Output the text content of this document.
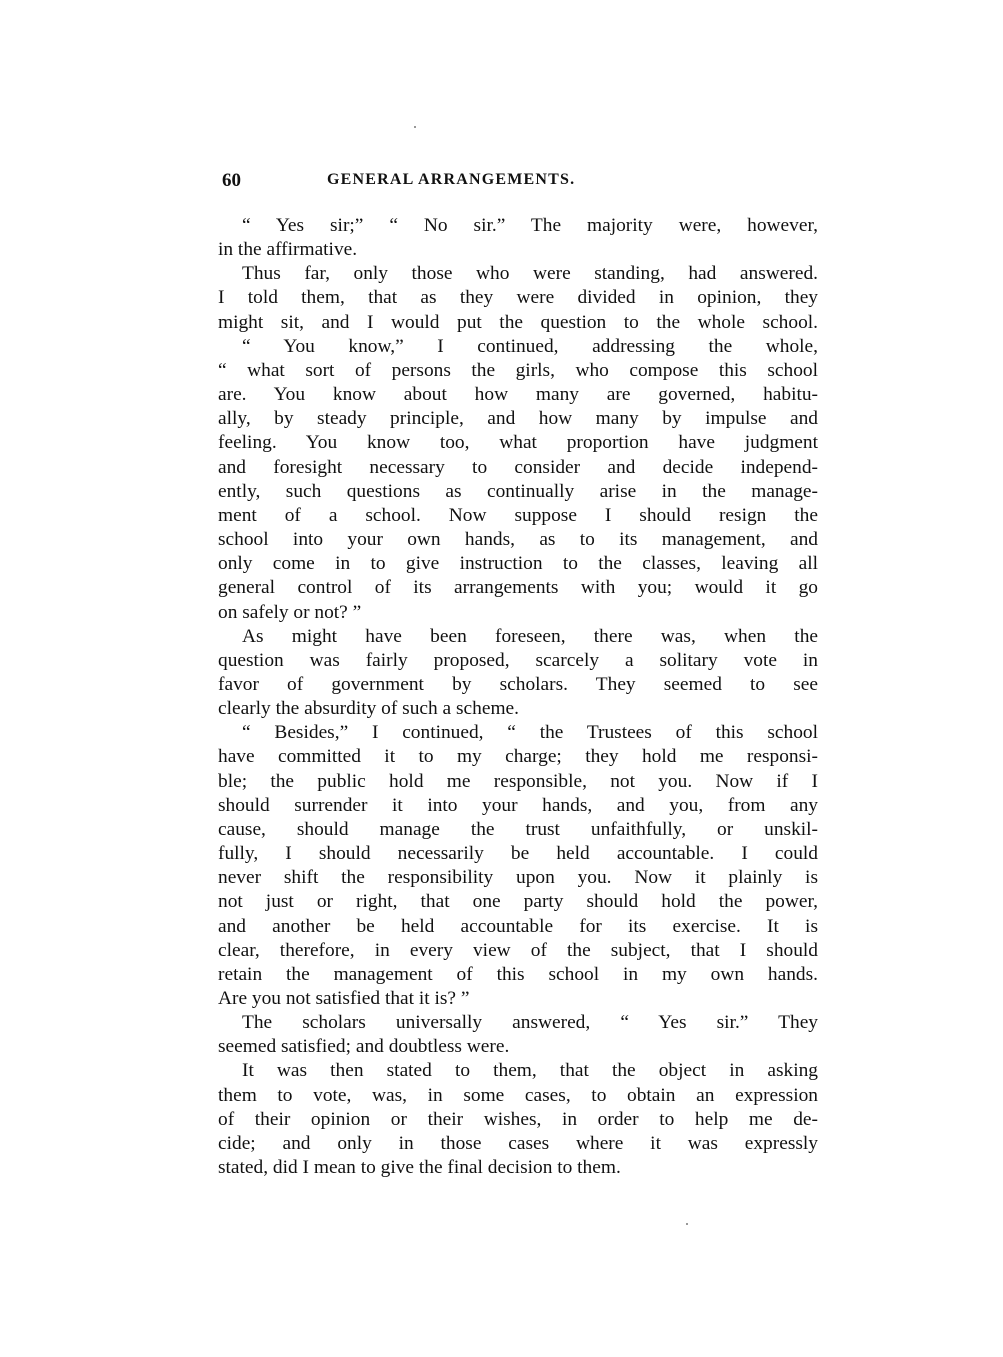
60	GENERAL ARRANGEMENTS.
“ Yes sir;” “ No sir.” The majority were, however,
in the affirmative.
Thus far, only those who were standing, had answered.
I told them, that as they were divided in opinion, they
might sit, and I would put the question to the whole school.
“ You know,” I continued, addressing the whole,
“ what sort of persons the girls, who compose this school
are. You know about how many are governed, habitu-
ally, by steady principle, and how many by impulse and
feeling. You know too, what proportion have judgment
and foresight necessary to consider and decide independ-
ently, such questions as continually arise in the manage-
ment of a school. Now suppose I should resign the
school into your own hands, as to its management, and
only come in to give instruction to the classes, leaving all
general control of its arrangements with you; would it go
on safely or not? ”
As might have been foreseen, there was, when the
question was fairly proposed, scarcely a solitary vote in
favor of government by scholars. They seemed to see
clearly the absurdity of such a scheme.
“ Besides,” I continued, “ the Trustees of this school
have committed it to my charge; they hold me responsi-
ble; the public hold me responsible, not you. Now if I
should surrender it into your hands, and you, from any
cause, should manage the trust unfaithfully, or unskil-
fully, I should necessarily be held accountable. I could
never shift the responsibility upon you. Now it plainly is
not just or right, that one party should hold the power,
and another be held accountable for its exercise. It is
clear, therefore, in every view of the subject, that I should
retain the management of this school in my own hands.
Are you not satisfied that it is? ”
The scholars universally answered, “ Yes sir.” They
seemed satisfied; and doubtless were.
It was then stated to them, that the object in asking
them to vote, was, in some cases, to obtain an expression
of their opinion or their wishes, in order to help me de-
cide; and only in those cases where it was expressly
stated, did I mean to give the final decision to them.
